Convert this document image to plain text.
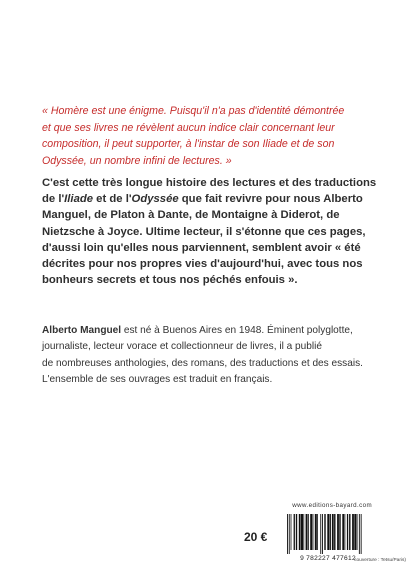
« Homère est une énigme. Puisqu'il n'a pas d'identité démontrée
et que ses livres ne révèlent aucun indice clair concernant leur
composition, il peut supporter, à l'instar de son Iliade et de son
Odyssée, un nombre infini de lectures. »
C'est cette très longue histoire des lectures et des traductions
de l'Iliade et de l'Odyssée que fait revivre pour nous Alberto
Manguel, de Platon à Dante, de Montaigne à Diderot, de
Nietzsche à Joyce. Ultime lecteur, il s'étonne que ces pages,
d'aussi loin qu'elles nous parviennent, semblent avoir « été
décrites pour nos propres vies d'aujourd'hui, avec tous nos
bonheurs secrets et tous nos péchés enfouis ».
Alberto Manguel est né à Buenos Aires en 1948. Éminent polyglotte,
journaliste, lecteur vorace et collectionneur de livres, il a publié
de nombreuses anthologies, des romans, des traductions et des essais.
L'ensemble de ses ouvrages est traduit en français.
www.editions-bayard.com
20 €
9 782227 477612
couverture : Tetsu/Paris)
